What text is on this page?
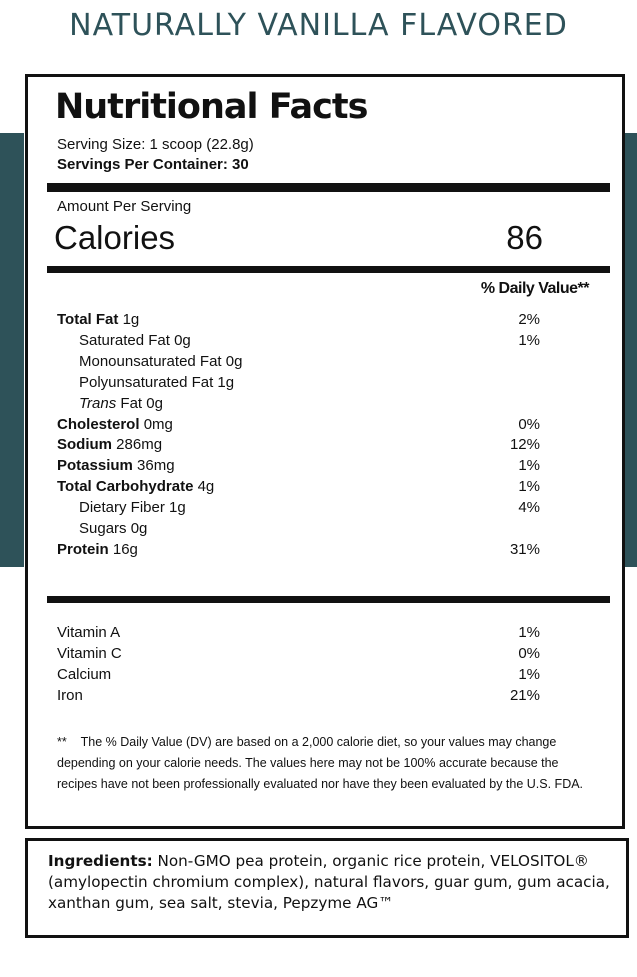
NATURALLY VANILLA FLAVORED
Nutritional Facts
Serving Size: 1 scoop (22.8g)
Servings Per Container: 30
Amount Per Serving
Calories	86
% Daily Value**
Total Fat 1g	2%
Saturated Fat 0g	1%
Monounsaturated Fat 0g
Polyunsaturated Fat 1g
Trans Fat 0g
Cholesterol 0mg	0%
Sodium 286mg	12%
Potassium 36mg	1%
Total Carbohydrate 4g	1%
Dietary Fiber 1g	4%
Sugars 0g
Protein 16g	31%
Vitamin A	1%
Vitamin C	0%
Calcium	1%
Iron	21%
**    The % Daily Value (DV) are based on a 2,000 calorie diet, so your values may change depending on your calorie needs. The values here may not be 100% accurate because the recipes have not been professionally evaluated nor have they been evaluated by the U.S. FDA.
Ingredients: Non-GMO pea protein, organic rice protein, VELOSITOL® (amylopectin chromium complex), natural flavors, guar gum, gum acacia, xanthan gum, sea salt, stevia, Pepzyme AG™
